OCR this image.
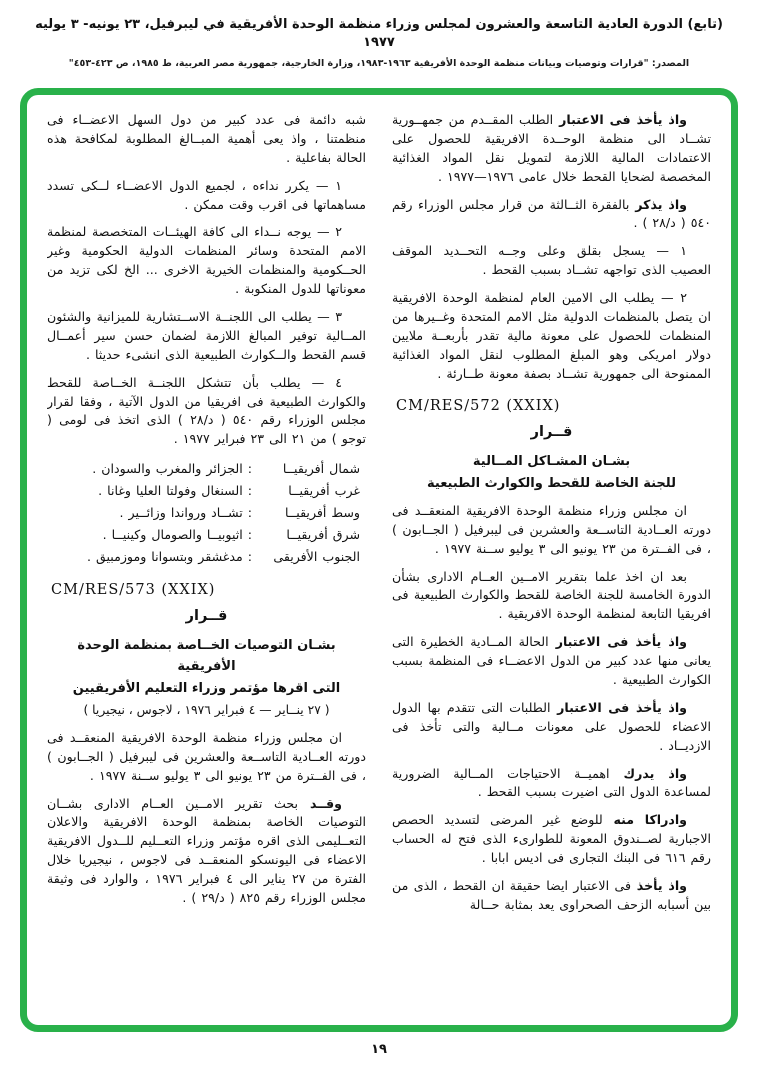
(تابع) الدورة العادية التاسعة والعشرون لمجلس وزراء منظمة الوحدة الأفريقية في ليبرفيل، ٢٣ يونيه- ٣ يوليه ١٩٧٧
المصدر: "قرارات وتوصيات وبيانات منظمة الوحدة الأفريقية ١٩٦٣-١٩٨٣، وزارة الخارجية، جمهورية مصر العربية، ط ١٩٨٥، ص ٤٢٣-٤٥٣"

واذ يأخذ فى الاعتبار الطلب المقــدم من جمهــورية تشــاد الى منظمة الوحــدة الافريقية للحصول على الاعتمادات المالية اللازمة لتمويل نقل المواد الغذائية المخصصة لضحايا القحط خلال عامى ١٩٧٦—١٩٧٧ .

واذ يذكر بالفقرة الثــالثة من قرار مجلس الوزراء رقم ٥٤٠ ( د/٢٨ ) .

١ — يسجل بقلق وعلى وجــه التحــديد الموقف العصيب الذى تواجهه تشــاد بسبب القحط .

٢ — يطلب الى الامين العام لمنظمة الوحدة الافريقية ان يتصل بالمنظمات الدولية مثل الامم المتحدة وغــيرها من المنظمات للحصول على معونة مالية تقدر بأربعــة ملايين دولار امريكى وهو المبلغ المطلوب لنقل المواد الغذائية الممنوحة الى جمهورية تشــاد بصفة معونة طــارئة .

CM/RES/572 (XXIX)

قــرار

بشـان المشـاكل المــالية
للجنة الخاصة للقحط والكوارث الطبيعية

ان مجلس وزراء منظمة الوحدة الافريقية المنعقــد فى دورته العــادية التاســعة والعشرين فى ليبرفيل ( الجــابون ) ، فى الفــترة من ٢٣ يونيو الى ٣ يوليو ســنة ١٩٧٧ .

بعد ان اخذ علما بتقرير الامــين العــام الادارى بشأن الدورة الخامسة للجنة الخاصة للقحط والكوارث الطبيعية فى افريقيا التابعة لمنظمة الوحدة الافريقية .

واذ يأخذ فى الاعتبار الحالة المــادية الخطيرة التى يعانى منها عدد كبير من الدول الاعضــاء فى المنظمة بسبب الكوارث الطبيعية .

واذ يأخذ فى الاعتبار الطلبات التى تتقدم بها الدول الاعضاء للحصول على معونات مــالية والتى تأخذ فى الازديــاد .

واذ يدرك اهميــة الاحتياجات المــالية الضرورية لمساعدة الدول التى اضيرت بسبب القحط .

وادراكا منه للوضع غير المرضى لتسديد الحصص الاجبارية لصــندوق المعونة للطوارىء الذى فتح له الحساب رقم ٦١٦ فى البنك التجارى فى اديس ابابا .

واذ يأخذ فى الاعتبار ايضا حقيقة ان القحط ، الذى من بين أسبابه الزحف الصحراوى يعد بمثابة حــالة

شبه دائمة فى عدد كبير من دول السهل الاعضــاء فى منظمتنا ، واذ يعى أهمية المبــالغ المطلوبة لمكافحة هذه الحالة بفاعلية .

١ — يكرر نداءه ، لجميع الدول الاعضــاء لــكى تسدد مساهماتها فى اقرب وقت ممكن .

٢ — يوجه نــداء الى كافة الهيئــات المتخصصة لمنظمة الامم المتحدة وسائر المنظمات الدولية الحكومية وغير الحــكومية والمنظمات الخيرية الاخرى ... الخ لكى تزيد من معوناتها للدول المنكوبة .

٣ — يطلب الى اللجنــة الاســتشارية للميزانية والشئون المــالية توفير المبالغ اللازمة لضمان حسن سير أعمــال قسم القحط والــكوارث الطبيعية الذى انشىء حديثا .

٤ — يطلب بأن تتشكل اللجنــة الخــاصة للقحط والكوارث الطبيعية فى افريقيا من الدول الآتية ، وفقا لقرار مجلس الوزراء رقم ٥٤٠ ( د/٢٨ ) الذى اتخذ فى لومى ( توجو ) من ٢١ الى ٢٣ فبراير ١٩٧٧ .

شمال أفريقيــا
:
الجزائر والمغرب والسودان .
غرب أفريقيــا
:
السنغال وفولتا العليا وغانا .
وسط أفريقيــا
:
تشــاد ورواندا وزائــير .
شرق أفريقيــا
:
اثيوبيــا والصومال وكينيــا .
الجنوب الأفريقى
:
مدغشقر وبتسوانا وموزمبيق .

CM/RES/573 (XXIX)

قــرار

بشـان التوصيات الخــاصة بمنظمة الوحدة الأفريقية
التى اقرها مؤتمر وزراء التعليم الأفريقيين

( ٢٧ ينــاير — ٤ فبراير ١٩٧٦ ، لاجوس ، نيجيريا )

ان مجلس وزراء منظمة الوحدة الافريقية المنعقــد فى دورته العــادية التاســعة والعشرين فى ليبرفيل ( الجــابون ) ، فى الفــترة من ٢٣ يونيو الى ٣ يوليو ســنة ١٩٧٧ .

وقــد بحث تقرير الامــين العــام الادارى بشــان التوصيات الخاصة بمنظمة الوحدة الافريقية والاعلان التعــليمى الذى اقره مؤتمر وزراء التعــليم للــدول الافريقية الاعضاء فى اليونسكو المنعقــد فى لاجوس ، نيجيريا خلال الفترة من ٢٧ يناير الى ٤ فبراير ١٩٧٦ ، والوارد فى وثيقة مجلس الوزراء رقم ٨٢٥ ( د/٢٩ ) .

١٩
